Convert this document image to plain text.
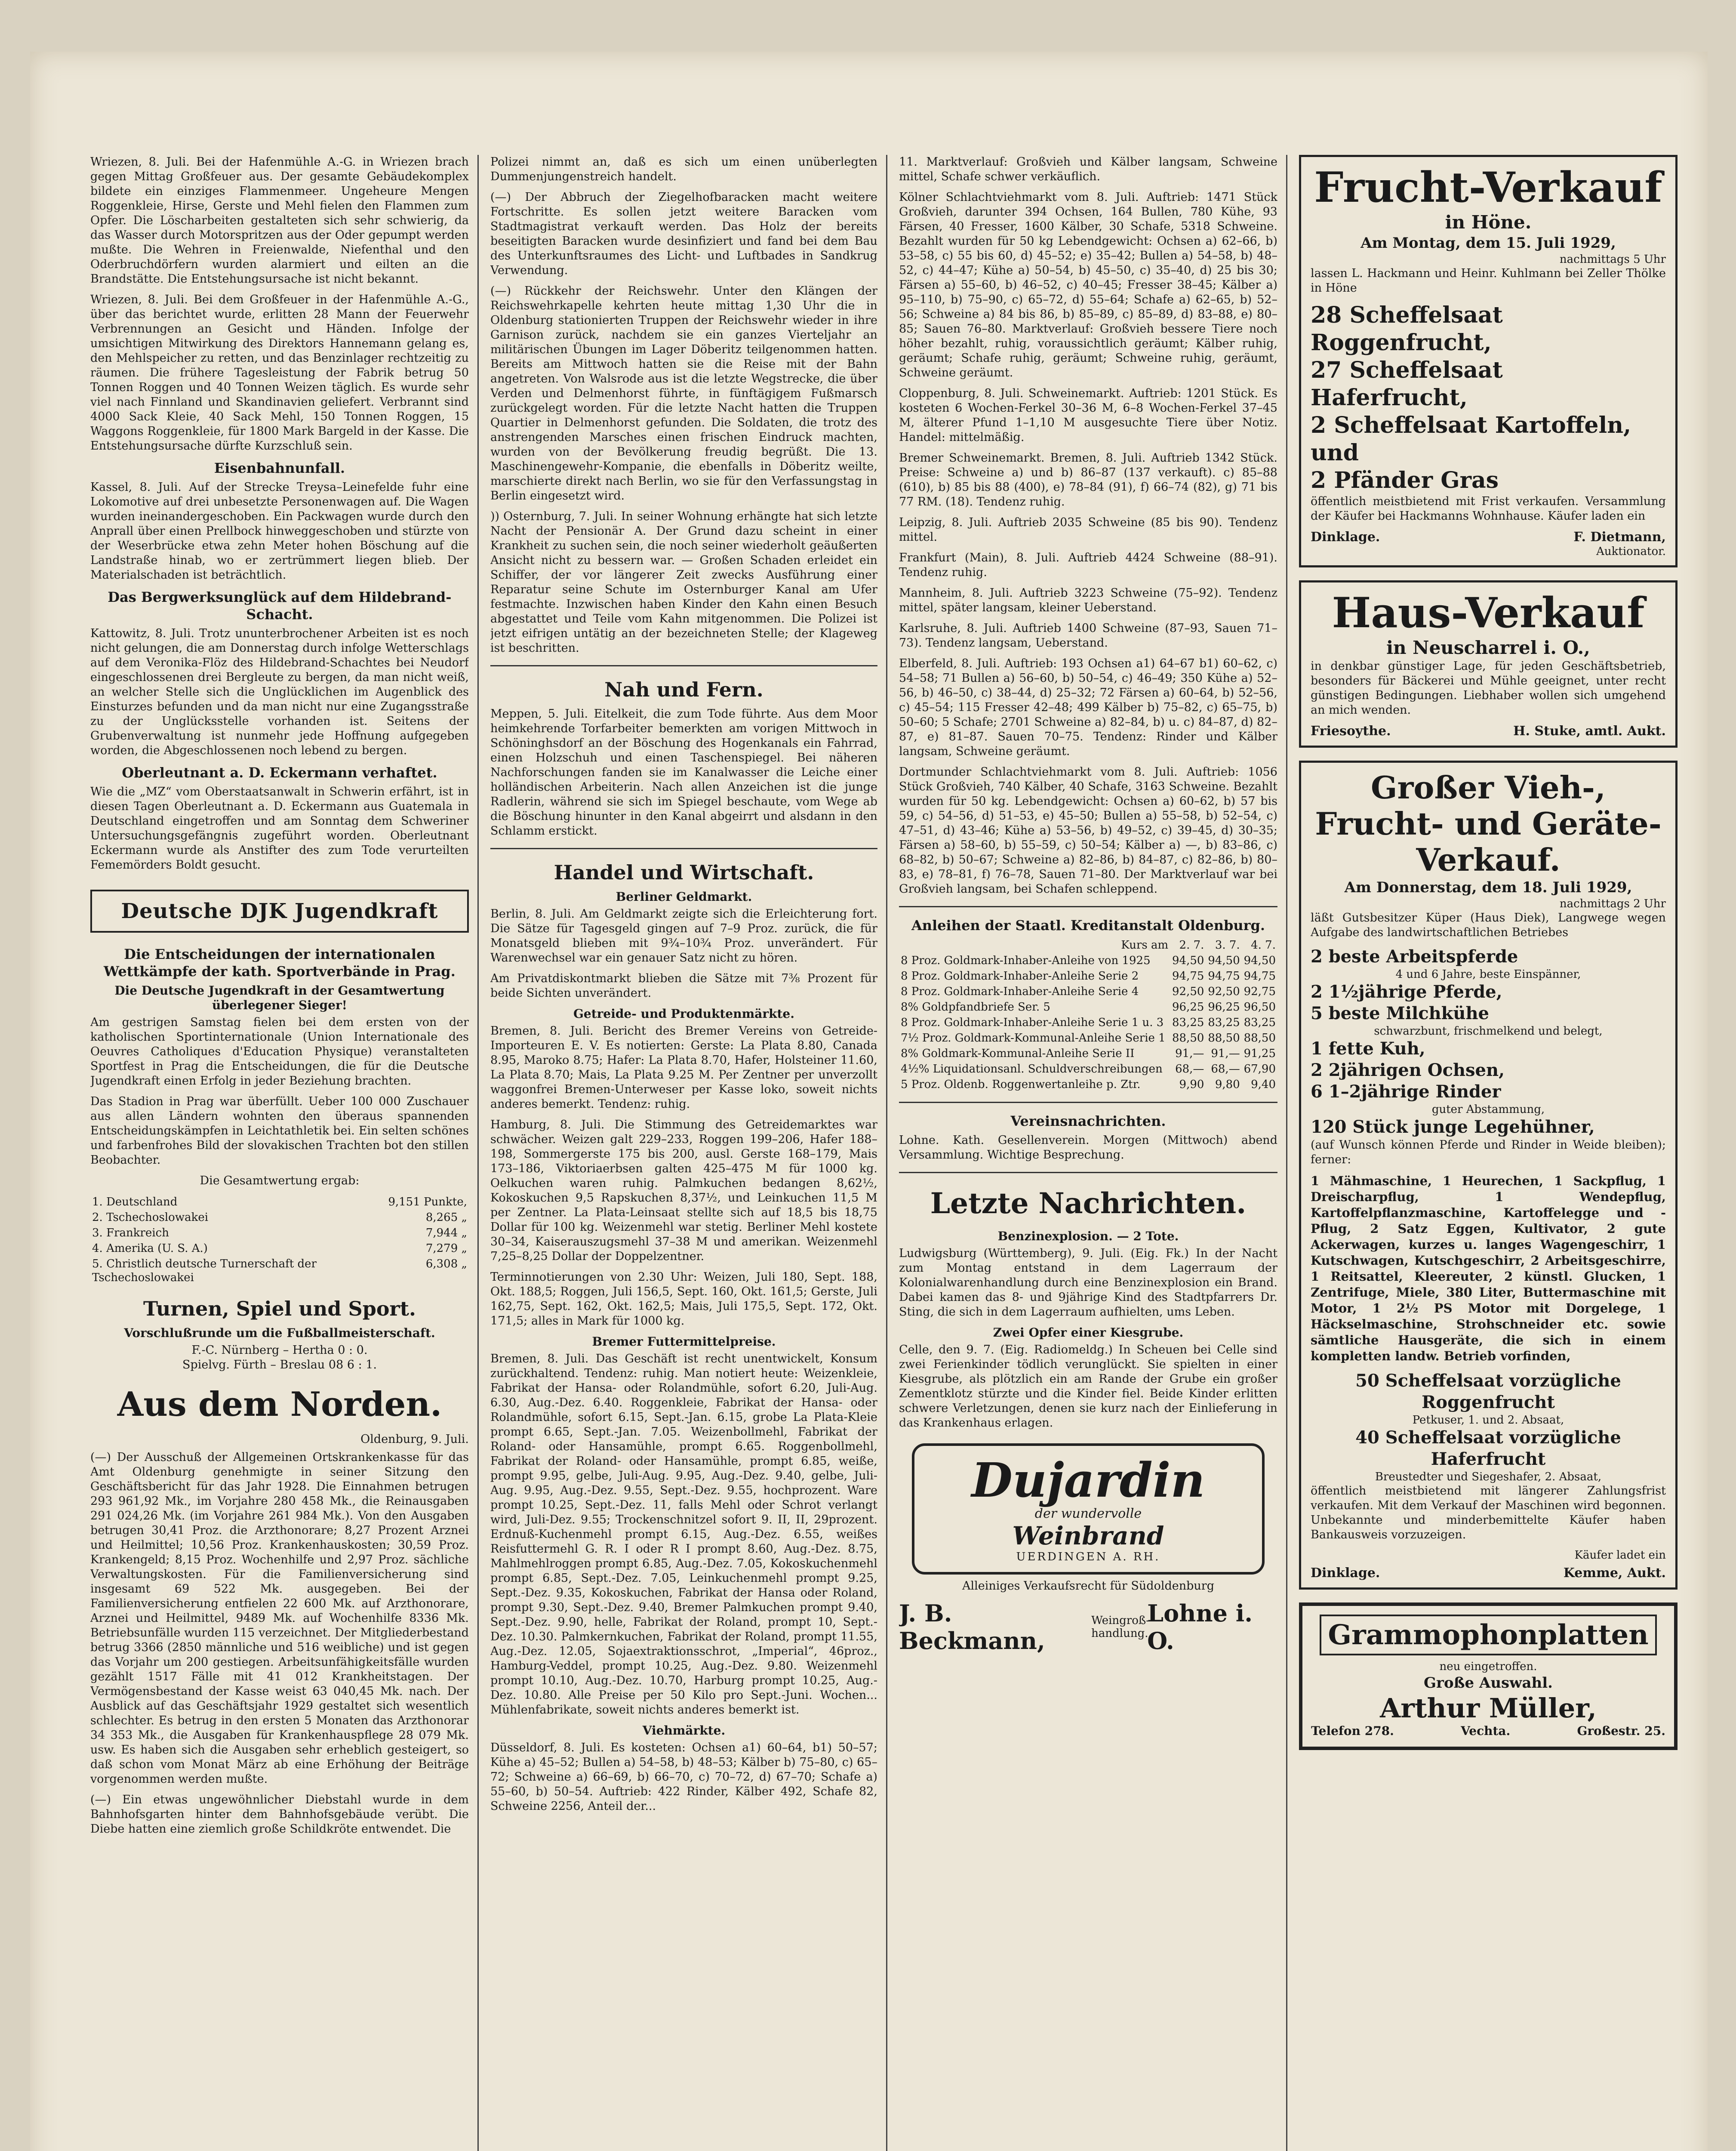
Wriezen, 8. Juli. Bei der Hafenmühle A.-G. in Wriezen brach gegen Mittag Großfeuer aus. Der gesamte Gebäudekomplex bildete ein einziges Flammenmeer. Ungeheure Mengen Roggenkleie, Hirse, Gerste und Mehl fielen den Flammen zum Opfer. Die Löscharbeiten gestalteten sich sehr schwierig, da das Wasser durch Motorspritzen aus der Oder gepumpt werden mußte. Die Wehren in Freienwalde, Niefenthal und den Oderbruchdörfern wurden alarmiert und eilten an die Brandstätte. Die Entstehungsursache ist nicht bekannt.

Wriezen, 8. Juli. Bei dem Großfeuer in der Hafenmühle A.-G., über das berichtet wurde, erlitten 28 Mann der Feuerwehr Verbrennungen an Gesicht und Händen. Infolge der umsichtigen Mitwirkung des Direktors Hannemann gelang es, den Mehlspeicher zu retten, und das Benzinlager rechtzeitig zu räumen. Die frühere Tagesleistung der Fabrik betrug 50 Tonnen Roggen und 40 Tonnen Weizen täglich. Es wurde sehr viel nach Finnland und Skandinavien geliefert. Verbrannt sind 4000 Sack Kleie, 40 Sack Mehl, 150 Tonnen Roggen, 15 Waggons Roggenkleie, für 1800 Mark Bargeld in der Kasse. Die Entstehungsursache dürfte Kurzschluß sein.

Eisenbahnunfall.

Kassel, 8. Juli. Auf der Strecke Treysa–Leinefelde fuhr eine Lokomotive auf drei unbesetzte Personenwagen auf. Die Wagen wurden ineinandergeschoben. Ein Packwagen wurde durch den Anprall über einen Prellbock hinweggeschoben und stürzte von der Weserbrücke etwa zehn Meter hohen Böschung auf die Landstraße hinab, wo er zertrümmert liegen blieb. Der Materialschaden ist beträchtlich.

Das Bergwerksunglück auf dem Hildebrand-Schacht.

Kattowitz, 8. Juli. Trotz ununterbrochener Arbeiten ist es noch nicht gelungen, die am Donnerstag durch infolge Wetterschlags auf dem Veronika-Flöz des Hildebrand-Schachtes bei Neudorf eingeschlossenen drei Bergleute zu bergen, da man nicht weiß, an welcher Stelle sich die Unglücklichen im Augenblick des Einsturzes befunden und da man nicht nur eine Zugangsstraße zu der Unglücksstelle vorhanden ist. Seitens der Grubenverwaltung ist nunmehr jede Hoffnung aufgegeben worden, die Abgeschlossenen noch lebend zu bergen.

Oberleutnant a. D. Eckermann verhaftet.

Wie die „MZ“ vom Oberstaatsanwalt in Schwerin erfährt, ist in diesen Tagen Oberleutnant a. D. Eckermann aus Guatemala in Deutschland eingetroffen und am Sonntag dem Schweriner Untersuchungsgefängnis zugeführt worden. Oberleutnant Eckermann wurde als Anstifter des zum Tode verurteilten Fememörders Boldt gesucht.

Deutsche DJK Jugendkraft
Die Entscheidungen der internationalen Wettkämpfe der kath. Sportverbände in Prag.
Die Deutsche Jugendkraft in der Gesamtwertung überlegener Sieger!

Am gestrigen Samstag fielen bei dem ersten von der katholischen Sportinternationale (Union Internationale des Oeuvres Catholiques d'Education Physique) veranstalteten Sportfest in Prag die Entscheidungen, die für die Deutsche Jugendkraft einen Erfolg in jeder Beziehung brachten.

Das Stadion in Prag war überfüllt. Ueber 100 000 Zuschauer aus allen Ländern wohnten den überaus spannenden Entscheidungskämpfen in Leichtathletik bei. Ein selten schönes und farbenfrohes Bild der slovakischen Trachten bot den stillen Beobachter.

Die Gesamtwertung ergab:

1. Deutschland	9,151 Punkte,
2. Tschechoslowakei	8,265 „
3. Frankreich	7,944 „
4. Amerika (U. S. A.)	7,279 „
5. Christlich deutsche Turnerschaft der Tschechoslowakei	6,308 „
Turnen, Spiel und Sport.
Vorschlußrunde um die Fußballmeisterschaft.

F.-C. Nürnberg – Hertha 0 : 0.

Spielvg. Fürth – Breslau 08 6 : 1.

Aus dem Norden.
Oldenburg, 9. Juli.

(—) Der Ausschuß der Allgemeinen Ortskrankenkasse für das Amt Oldenburg genehmigte in seiner Sitzung den Geschäftsbericht für das Jahr 1928. Die Einnahmen betrugen 293 961,92 Mk., im Vorjahre 280 458 Mk., die Reinausgaben 291 024,26 Mk. (im Vorjahre 261 984 Mk.). Von den Ausgaben betrugen 30,41 Proz. die Arzthonorare; 8,27 Prozent Arznei und Heilmittel; 10,56 Proz. Krankenhauskosten; 30,59 Proz. Krankengeld; 8,15 Proz. Wochenhilfe und 2,97 Proz. sächliche Verwaltungskosten. Für die Familienversicherung sind insgesamt 69 522 Mk. ausgegeben. Bei der Familienversicherung entfielen 22 600 Mk. auf Arzthonorare, Arznei und Heilmittel, 9489 Mk. auf Wochenhilfe 8336 Mk. Betriebsunfälle wurden 115 verzeichnet. Der Mitgliederbestand betrug 3366 (2850 männliche und 516 weibliche) und ist gegen das Vorjahr um 200 gestiegen. Arbeitsunfähigkeitsfälle wurden gezählt 1517 Fälle mit 41 012 Krankheitstagen. Der Vermögensbestand der Kasse weist 63 040,45 Mk. nach. Der Ausblick auf das Geschäftsjahr 1929 gestaltet sich wesentlich schlechter. Es betrug in den ersten 5 Monaten das Arzthonorar 34 353 Mk., die Ausgaben für Krankenhauspflege 28 079 Mk. usw. Es haben sich die Ausgaben sehr erheblich gesteigert, so daß schon vom Monat März ab eine Erhöhung der Beiträge vorgenommen werden mußte.

(—) Ein etwas ungewöhnlicher Diebstahl wurde in dem Bahnhofsgarten hinter dem Bahnhofsgebäude verübt. Die Diebe hatten eine ziemlich große Schildkröte entwendet. Die

Polizei nimmt an, daß es sich um einen unüberlegten Dummenjungenstreich handelt.

(—) Der Abbruch der Ziegelhofbaracken macht weitere Fortschritte. Es sollen jetzt weitere Baracken vom Stadtmagistrat verkauft werden. Das Holz der bereits beseitigten Baracken wurde desinfiziert und fand bei dem Bau des Unterkunftsraumes des Licht- und Luftbades in Sandkrug Verwendung.

(—) Rückkehr der Reichswehr. Unter den Klängen der Reichswehrkapelle kehrten heute mittag 1,30 Uhr die in Oldenburg stationierten Truppen der Reichswehr wieder in ihre Garnison zurück, nachdem sie ein ganzes Vierteljahr an militärischen Übungen im Lager Döberitz teilgenommen hatten. Bereits am Mittwoch hatten sie die Reise mit der Bahn angetreten. Von Walsrode aus ist die letzte Wegstrecke, die über Verden und Delmenhorst führte, in fünftägigem Fußmarsch zurückgelegt worden. Für die letzte Nacht hatten die Truppen Quartier in Delmenhorst gefunden. Die Soldaten, die trotz des anstrengenden Marsches einen frischen Eindruck machten, wurden von der Bevölkerung freudig begrüßt. Die 13. Maschinengewehr-Kompanie, die ebenfalls in Döberitz weilte, marschierte direkt nach Berlin, wo sie für den Verfassungstag in Berlin eingesetzt wird.

)) Osternburg, 7. Juli. In seiner Wohnung erhängte hat sich letzte Nacht der Pensionär A. Der Grund dazu scheint in einer Krankheit zu suchen sein, die noch seiner wiederholt geäußerten Ansicht nicht zu bessern war. — Großen Schaden erleidet ein Schiffer, der vor längerer Zeit zwecks Ausführung einer Reparatur seine Schute im Osternburger Kanal am Ufer festmachte. Inzwischen haben Kinder den Kahn einen Besuch abgestattet und Teile vom Kahn mitgenommen. Die Polizei ist jetzt eifrigen untätig an der bezeichneten Stelle; der Klageweg ist beschritten.

Nah und Fern.

Meppen, 5. Juli. Eitelkeit, die zum Tode führte. Aus dem Moor heimkehrende Torfarbeiter bemerkten am vorigen Mittwoch in Schöninghsdorf an der Böschung des Hogenkanals ein Fahrrad, einen Holzschuh und einen Taschenspiegel. Bei näheren Nachforschungen fanden sie im Kanalwasser die Leiche einer holländischen Arbeiterin. Nach allen Anzeichen ist die junge Radlerin, während sie sich im Spiegel beschaute, vom Wege ab die Böschung hinunter in den Kanal abgeirrt und alsdann in den Schlamm erstickt.

Handel und Wirtschaft.
Berliner Geldmarkt.

Berlin, 8. Juli. Am Geldmarkt zeigte sich die Erleichterung fort. Die Sätze für Tagesgeld gingen auf 7–9 Proz. zurück, die für Monatsgeld blieben mit 9¾–10¾ Proz. unverändert. Für Warenwechsel war ein genauer Satz nicht zu hören.

Am Privatdiskontmarkt blieben die Sätze mit 7⅜ Prozent für beide Sichten unverändert.

Getreide- und Produktenmärkte.

Bremen, 8. Juli. Bericht des Bremer Vereins von Getreide-Importeuren E. V. Es notierten: Gerste: La Plata 8.80, Canada 8.95, Maroko 8.75; Hafer: La Plata 8.70, Hafer, Holsteiner 11.60, La Plata 8.70; Mais, La Plata 9.25 M. Per Zentner per unverzollt waggonfrei Bremen-Unterweser per Kasse loko, soweit nichts anderes bemerkt. Tendenz: ruhig.

Hamburg, 8. Juli. Die Stimmung des Getreidemarktes war schwächer. Weizen galt 229–233, Roggen 199–206, Hafer 188–198, Sommergerste 175 bis 200, ausl. Gerste 168–179, Mais 173–186, Viktoriaerbsen galten 425–475 M für 1000 kg. Oelkuchen waren ruhig. Palmkuchen bedangen 8,62½, Kokoskuchen 9,5 Rapskuchen 8,37½, und Leinkuchen 11,5 M per Zentner. La Plata-Leinsaat stellte sich auf 18,5 bis 18,75 Dollar für 100 kg. Weizenmehl war stetig. Berliner Mehl kostete 30–34, Kaiserauszugsmehl 37–38 M und amerikan. Weizenmehl 7,25–8,25 Dollar der Doppelzentner.

Terminnotierungen von 2.30 Uhr: Weizen, Juli 180, Sept. 188, Okt. 188,5; Roggen, Juli 156,5, Sept. 160, Okt. 161,5; Gerste, Juli 162,75, Sept. 162, Okt. 162,5; Mais, Juli 175,5, Sept. 172, Okt. 171,5; alles in Mark für 1000 kg.

Bremer Futtermittelpreise.

Bremen, 8. Juli. Das Geschäft ist recht unentwickelt, Konsum zurückhaltend. Tendenz: ruhig. Man notiert heute: Weizenkleie, Fabrikat der Hansa- oder Rolandmühle, sofort 6.20, Juli-Aug. 6.30, Aug.-Dez. 6.40. Roggenkleie, Fabrikat der Hansa- oder Rolandmühle, sofort 6.15, Sept.-Jan. 6.15, grobe La Plata-Kleie prompt 6.65, Sept.-Jan. 7.05. Weizenbollmehl, Fabrikat der Roland- oder Hansamühle, prompt 6.65. Roggenbollmehl, Fabrikat der Roland- oder Hansamühle, prompt 6.85, weiße, prompt 9.95, gelbe, Juli-Aug. 9.95, Aug.-Dez. 9.40, gelbe, Juli-Aug. 9.95, Aug.-Dez. 9.55, Sept.-Dez. 9.55, hochprozent. Ware prompt 10.25, Sept.-Dez. 11, falls Mehl oder Schrot verlangt wird, Juli-Dez. 9.55; Trockenschnitzel sofort 9. II, II, 29prozent. Erdnuß-Kuchenmehl prompt 6.15, Aug.-Dez. 6.55, weißes Reisfuttermehl G. R. I oder R I prompt 8.60, Aug.-Dez. 8.75, Mahlmehlroggen prompt 6.85, Aug.-Dez. 7.05, Kokoskuchenmehl prompt 6.85, Sept.-Dez. 7.05, Leinkuchenmehl prompt 9.25, Sept.-Dez. 9.35, Kokoskuchen, Fabrikat der Hansa oder Roland, prompt 9.30, Sept.-Dez. 9.40, Bremer Palmkuchen prompt 9.40, Sept.-Dez. 9.90, helle, Fabrikat der Roland, prompt 10, Sept.-Dez. 10.30. Palmkernkuchen, Fabrikat der Roland, prompt 11.55, Aug.-Dez. 12.05, Sojaextraktionsschrot, „Imperial“, 46proz., Hamburg-Veddel, prompt 10.25, Aug.-Dez. 9.80. Weizenmehl prompt 10.10, Aug.-Dez. 10.70, Harburg prompt 10.25, Aug.-Dez. 10.80. Alle Preise per 50 Kilo pro Sept.-Juni. Wochen... Mühlenfabrikate, soweit nichts anderes bemerkt ist.

Viehmärkte.

Düsseldorf, 8. Juli. Es kosteten: Ochsen a1) 60–64, b1) 50–57; Kühe a) 45–52; Bullen a) 54–58, b) 48–53; Kälber b) 75–80, c) 65–72; Schweine a) 66–69, b) 66–70, c) 70–72, d) 67–70; Schafe a) 55–60, b) 50–54. Auftrieb: 422 Rinder, Kälber 492, Schafe 82, Schweine 2256, Anteil der...

11. Marktverlauf: Großvieh und Kälber langsam, Schweine mittel, Schafe schwer verkäuflich.

Kölner Schlachtviehmarkt vom 8. Juli. Auftrieb: 1471 Stück Großvieh, darunter 394 Ochsen, 164 Bullen, 780 Kühe, 93 Färsen, 40 Fresser, 1600 Kälber, 30 Schafe, 5318 Schweine. Bezahlt wurden für 50 kg Lebendgewicht: Ochsen a) 62–66, b) 53–58, c) 55 bis 60, d) 45–52; e) 35–42; Bullen a) 54–58, b) 48–52, c) 44–47; Kühe a) 50–54, b) 45–50, c) 35–40, d) 25 bis 30; Färsen a) 55–60, b) 46–52, c) 40–45; Fresser 38–45; Kälber a) 95–110, b) 75–90, c) 65–72, d) 55–64; Schafe a) 62–65, b) 52–56; Schweine a) 84 bis 86, b) 85–89, c) 85–89, d) 83–88, e) 80–85; Sauen 76–80. Marktverlauf: Großvieh bessere Tiere noch höher bezahlt, ruhig, voraussichtlich geräumt; Kälber ruhig, geräumt; Schafe ruhig, geräumt; Schweine ruhig, geräumt, Schweine geräumt.

Cloppenburg, 8. Juli. Schweinemarkt. Auftrieb: 1201 Stück. Es kosteten 6 Wochen-Ferkel 30–36 M, 6–8 Wochen-Ferkel 37–45 M, älterer Pfund 1–1,10 M ausgesuchte Tiere über Notiz. Handel: mittelmäßig.

Bremer Schweinemarkt. Bremen, 8. Juli. Auftrieb 1342 Stück. Preise: Schweine a) und b) 86–87 (137 verkauft). c) 85–88 (610), b) 85 bis 88 (400), e) 78–84 (91), f) 66–74 (82), g) 71 bis 77 RM. (18). Tendenz ruhig.

Leipzig, 8. Juli. Auftrieb 2035 Schweine (85 bis 90). Tendenz mittel.

Frankfurt (Main), 8. Juli. Auftrieb 4424 Schweine (88–91). Tendenz ruhig.

Mannheim, 8. Juli. Auftrieb 3223 Schweine (75–92). Tendenz mittel, später langsam, kleiner Ueberstand.

Karlsruhe, 8. Juli. Auftrieb 1400 Schweine (87–93, Sauen 71–73). Tendenz langsam, Ueberstand.

Elberfeld, 8. Juli. Auftrieb: 193 Ochsen a1) 64–67 b1) 60–62, c) 54–58; 71 Bullen a) 56–60, b) 50–54, c) 46–49; 350 Kühe a) 52–56, b) 46–50, c) 38–44, d) 25–32; 72 Färsen a) 60–64, b) 52–56, c) 45–54; 115 Fresser 42–48; 499 Kälber b) 75–82, c) 65–75, b) 50–60; 5 Schafe; 2701 Schweine a) 82–84, b) u. c) 84–87, d) 82–87, e) 81–87. Sauen 70–75. Tendenz: Rinder und Kälber langsam, Schweine geräumt.

Dortmunder Schlachtviehmarkt vom 8. Juli. Auftrieb: 1056 Stück Großvieh, 740 Kälber, 40 Schafe, 3163 Schweine. Bezahlt wurden für 50 kg. Lebendgewicht: Ochsen a) 60–62, b) 57 bis 59, c) 54–56, d) 51–53, e) 45–50; Bullen a) 55–58, b) 52–54, c) 47–51, d) 43–46; Kühe a) 53–56, b) 49–52, c) 39–45, d) 30–35; Färsen a) 58–60, b) 55–59, c) 50–54; Kälber a) —, b) 83–86, c) 68–82, b) 50–67; Schweine a) 82–86, b) 84–87, c) 82–86, b) 80–83, e) 78–81, f) 76–78, Sauen 71–80. Der Marktverlauf war bei Großvieh langsam, bei Schafen schleppend.

Anleihen der Staatl. Kreditanstalt Oldenburg.
Kurs am	2. 7.	3. 7.	4. 7.
8 Proz. Goldmark-Inhaber-Anleihe von 1925	94,50	94,50	94,50
8 Proz. Goldmark-Inhaber-Anleihe Serie 2	94,75	94,75	94,75
8 Proz. Goldmark-Inhaber-Anleihe Serie 4	92,50	92,50	92,75
8% Goldpfandbriefe Ser. 5	96,25	96,25	96,50
8 Proz. Goldmark-Inhaber-Anleihe Serie 1 u. 3	83,25	83,25	83,25
7½ Proz. Goldmark-Kommunal-Anleihe Serie 1	88,50	88,50	88,50
8% Goldmark-Kommunal-Anleihe Serie II	91,—	91,—	91,25
4½% Liquidationsanl. Schuldverschreibungen	68,—	68,—	67,90
5 Proz. Oldenb. Roggenwertanleihe p. Ztr.	9,90	9,80	9,40
Vereinsnachrichten.

Lohne. Kath. Gesellenverein. Morgen (Mittwoch) abend Versammlung. Wichtige Besprechung.

Letzte Nachrichten.
Benzinexplosion. — 2 Tote.

Ludwigsburg (Württemberg), 9. Juli. (Eig. Fk.) In der Nacht zum Montag entstand in dem Lagerraum der Kolonialwarenhandlung durch eine Benzinexplosion ein Brand. Dabei kamen das 8- und 9jährige Kind des Stadtpfarrers Dr. Sting, die sich in dem Lagerraum aufhielten, ums Leben.

Zwei Opfer einer Kiesgrube.

Celle, den 9. 7. (Eig. Radiomeldg.) In Scheuen bei Celle sind zwei Ferienkinder tödlich verunglückt. Sie spielten in einer Kiesgrube, als plötzlich ein am Rande der Grube ein großer Zementklotz stürzte und die Kinder fiel. Beide Kinder erlitten schwere Verletzungen, denen sie kurz nach der Einlieferung in das Krankenhaus erlagen.

Dujardin
der wundervolle
Weinbrand
UERDINGEN A. RH.

Alleiniges Verkaufsrecht für Südoldenburg

J. B. Beckmann,
Weingroß-handlung.
Lohne i. O.
Frucht-Verkauf
in Höne.
Am Montag, dem 15. Juli 1929,
nachmittags 5 Uhr

lassen L. Hackmann und Heinr. Kuhlmann bei Zeller Thölke in Höne

28 Scheffelsaat Roggenfrucht,
27 Scheffelsaat Haferfrucht,
2 Scheffelsaat Kartoffeln, und
2 Pfänder Gras

öffentlich meistbietend mit Frist verkaufen. Versammlung der Käufer bei Hackmanns Wohnhause. Käufer laden ein

Dinklage.	F. Dietmann,
Auktionator.
Haus-Verkauf
in Neuscharrel i. O.,

in denkbar günstiger Lage, für jeden Geschäftsbetrieb, besonders für Bäckerei und Mühle geeignet, unter recht günstigen Bedingungen. Liebhaber wollen sich umgehend an mich wenden.

Friesoythe.	H. Stuke, amtl. Aukt.
Großer Vieh-, Frucht- und Geräte-Verkauf.
Am Donnerstag, dem 18. Juli 1929,
nachmittags 2 Uhr

läßt Gutsbesitzer Küper (Haus Diek), Langwege wegen Aufgabe des landwirtschaftlichen Betriebes

2 beste Arbeitspferde
4 und 6 Jahre, beste Einspänner,
2 1½jährige Pferde,
5 beste Milchkühe
schwarzbunt, frischmelkend und belegt,
1 fette Kuh,
2 2jährigen Ochsen,
6 1–2jährige Rinder
guter Abstammung,
120 Stück junge Legehühner,

(auf Wunsch können Pferde und Rinder in Weide bleiben); ferner:

1 Mähmaschine, 1 Heurechen, 1 Sackpflug, 1 Dreischarpflug, 1 Wendepflug, Kartoffelpflanzmaschine, Kartoffelegge und -Pflug, 2 Satz Eggen, Kultivator, 2 gute Ackerwagen, kurzes u. langes Wagengeschirr, 1 Kutschwagen, Kutschgeschirr, 2 Arbeitsgeschirre, 1 Reitsattel, Kleereuter, 2 künstl. Glucken, 1 Zentrifuge, Miele, 380 Liter, Buttermaschine mit Motor, 1 2½ PS Motor mit Dorgelege, 1 Häckselmaschine, Strohschneider etc. sowie sämtliche Hausgeräte, die sich in einem kompletten landw. Betrieb vorfinden,

50 Scheffelsaat vorzügliche Roggenfrucht
Petkuser, 1. und 2. Absaat,
40 Scheffelsaat vorzügliche Haferfrucht
Breustedter und Siegeshafer, 2. Absaat,

öffentlich meistbietend mit längerer Zahlungsfrist verkaufen. Mit dem Verkauf der Maschinen wird begonnen. Unbekannte und minderbemittelte Käufer haben Bankausweis vorzuzeigen.

Käufer ladet ein
Dinklage.	Kemme, Aukt.
Grammophonplatten
neu eingetroffen.
Große Auswahl.
Arthur Müller,
Telefon 278.	Vechta.	Großestr. 25.
